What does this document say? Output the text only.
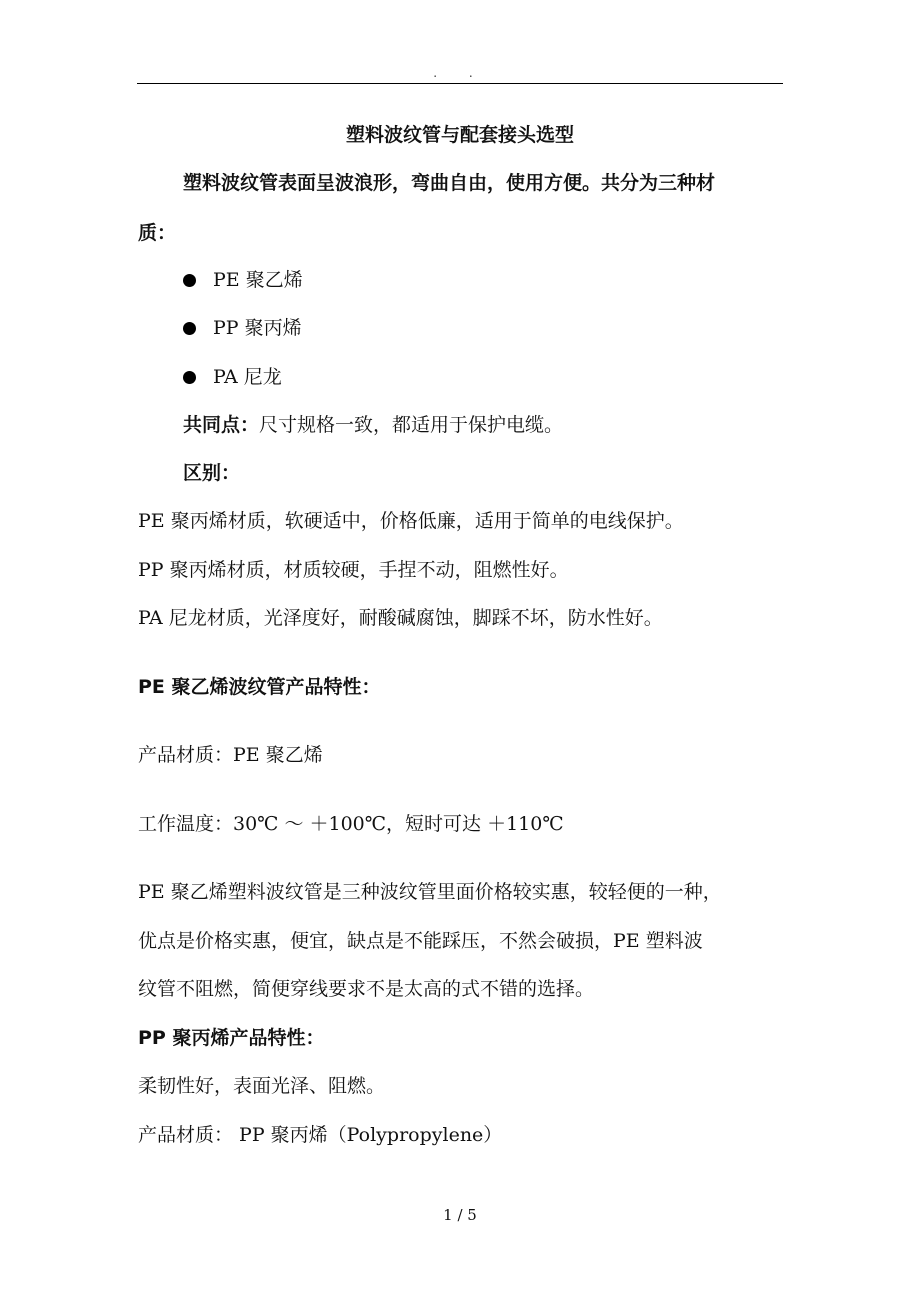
. .
塑料波纹管与配套接头选型
塑料波纹管表面呈波浪形，弯曲自由，使用方便。共分为三种材
质：
PE 聚乙烯
PP 聚丙烯
PA 尼龙
共同点：尺寸规格一致，都适用于保护电缆。
区别：
PE 聚丙烯材质，软硬适中，价格低廉，适用于简单的电线保护。
PP 聚丙烯材质，材质较硬，手捏不动，阻燃性好。
PA 尼龙材质，光泽度好，耐酸碱腐蚀，脚踩不坏，防水性好。
PE 聚乙烯波纹管产品特性：
产品材质：PE 聚乙烯
工作温度：30℃ ～ ＋100℃，短时可达 ＋110℃
PE 聚乙烯塑料波纹管是三种波纹管里面价格较实惠，较轻便的一种，
优点是价格实惠，便宜，缺点是不能踩压，不然会破损，PE 塑料波
纹管不阻燃，简便穿线要求不是太高的式不错的选择。
PP 聚丙烯产品特性：
柔韧性好，表面光泽、阻燃。
产品材质： PP 聚丙烯（Polypropylene）
1 / 5
